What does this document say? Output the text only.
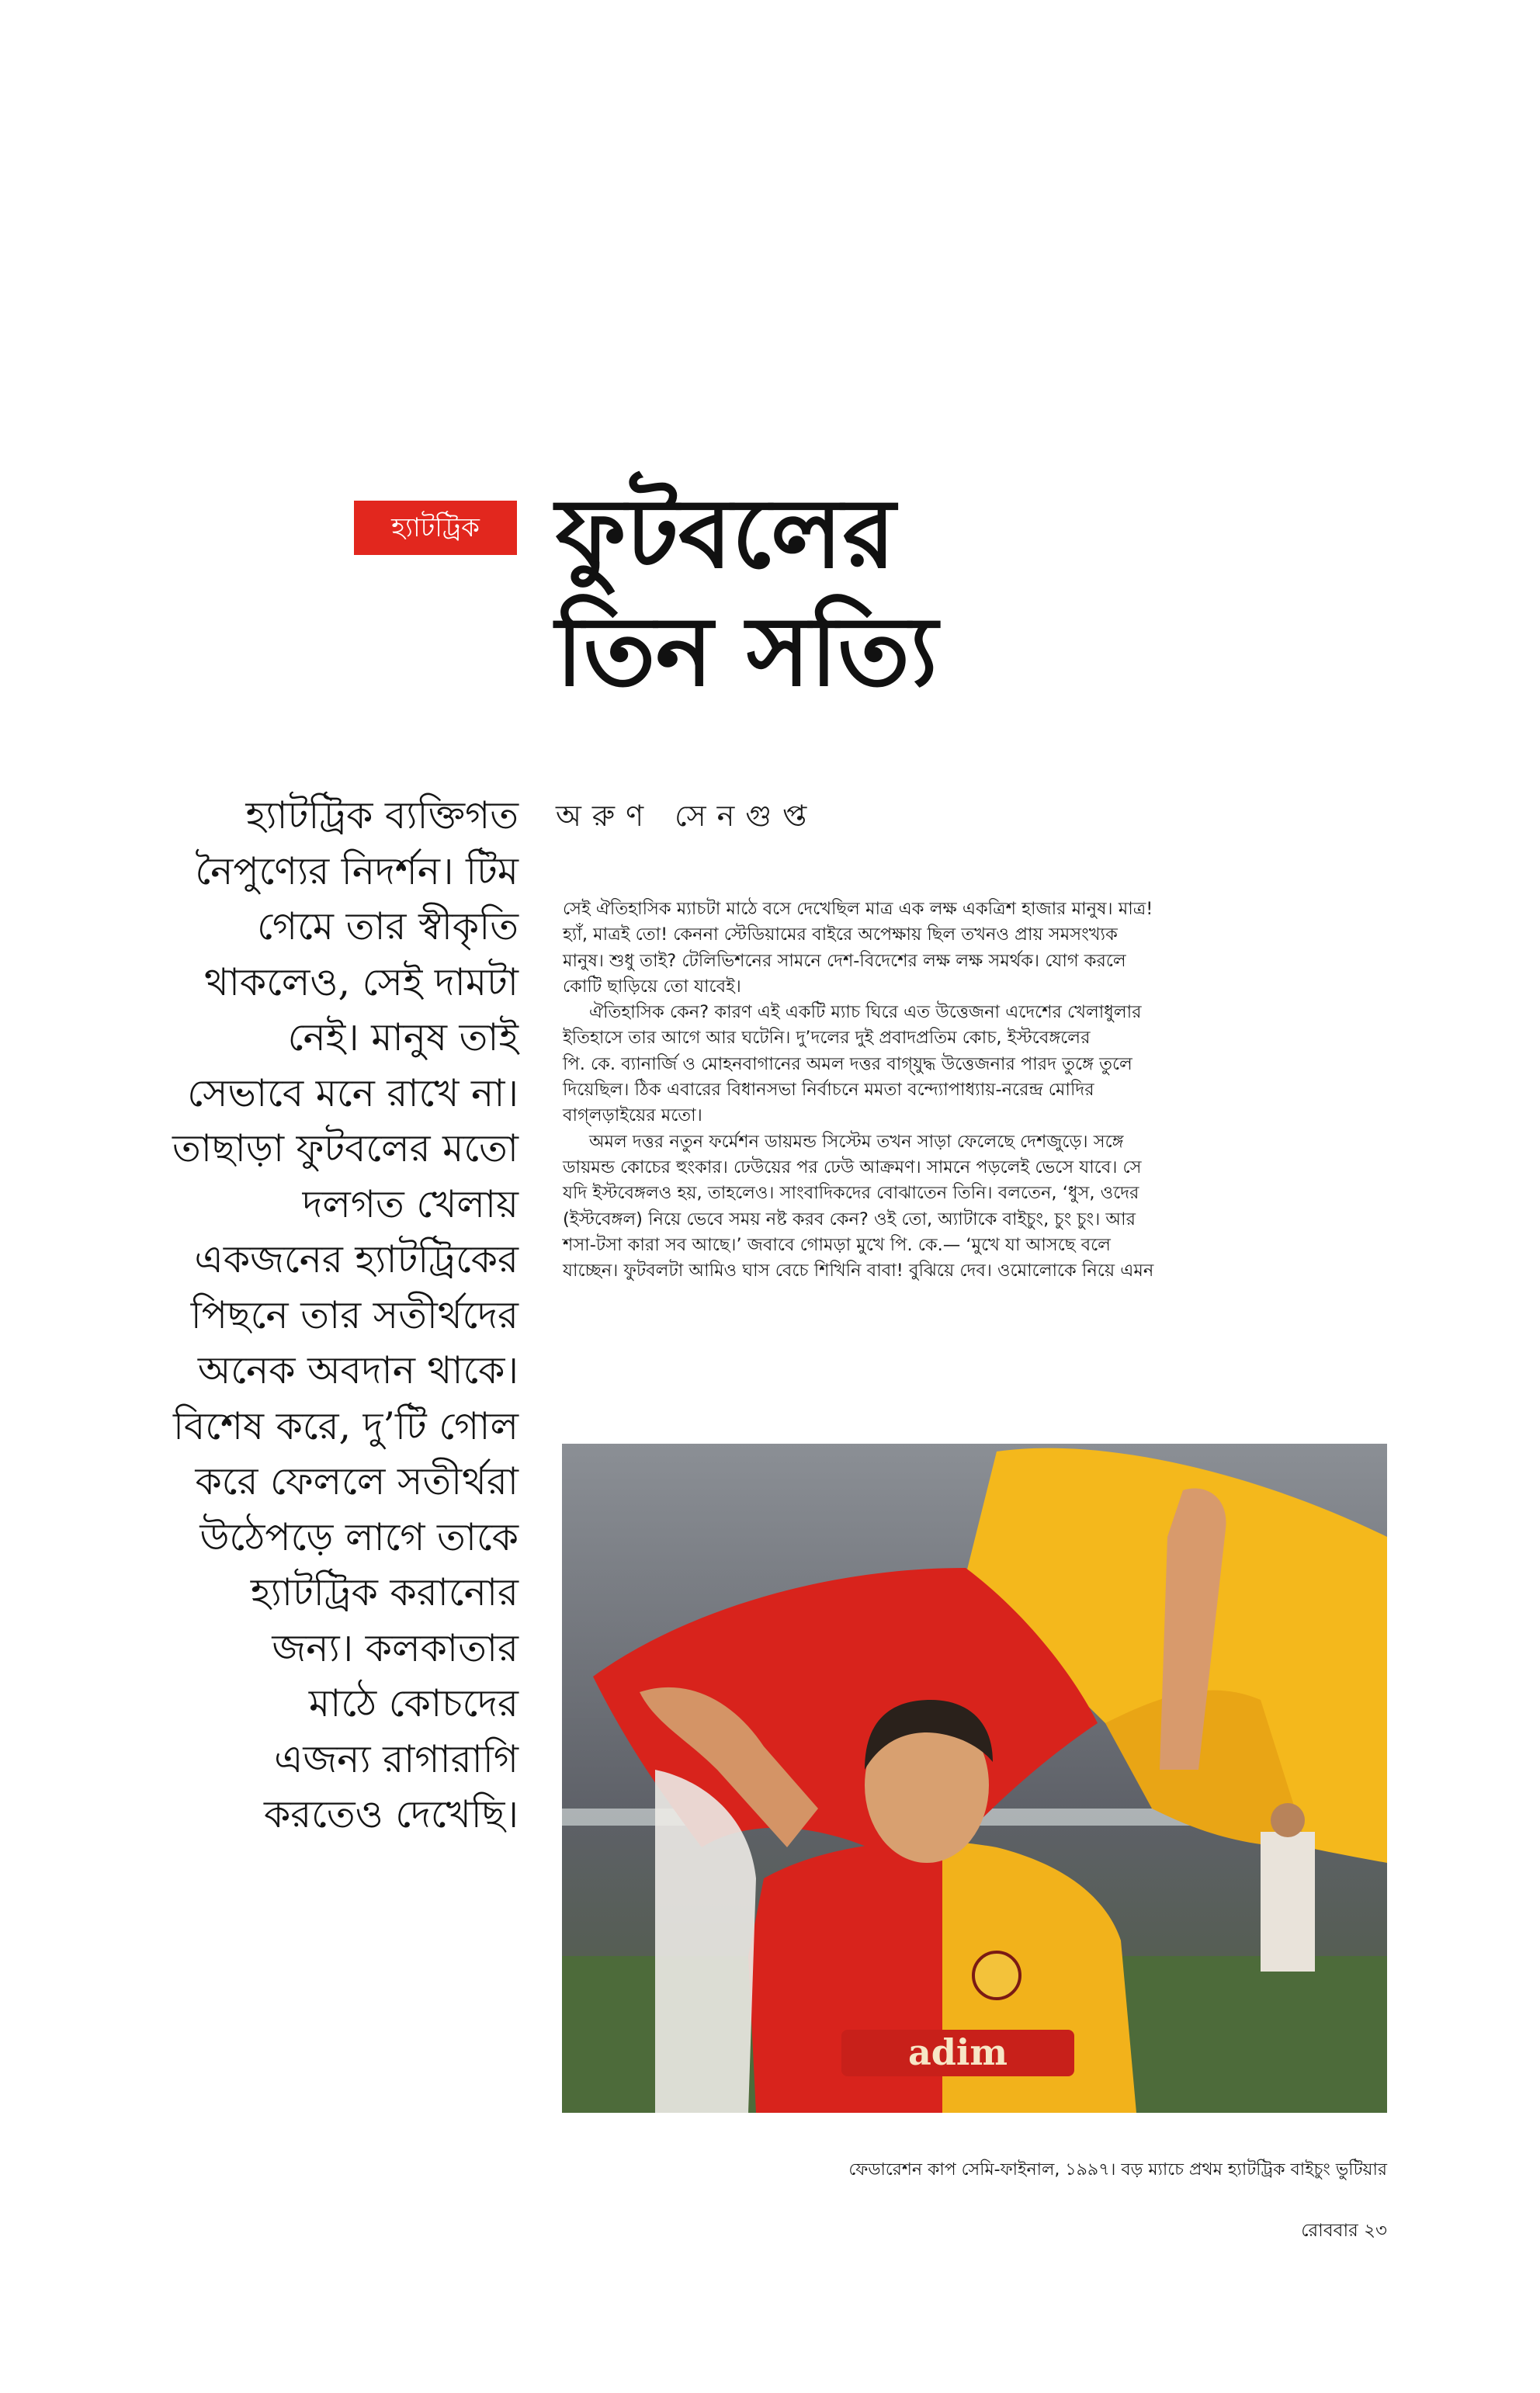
হ্যাটট্রিক ফুটবলের
তিন সত্যি
হ্যাটট্রিক ব্যক্তিগত
নৈপুণ্যের নিদর্শন। টিম
গেমে তার স্বীকৃতি
থাকলেও, সেই দামটা
নেই। মানুষ তাই
সেভাবে মনে রাখে না।
তাছাড়া ফুটবলের মতো
দলগত খেলায়
একজনের হ্যাটট্রিকের
পিছনে তার সতীর্থদের
অনেক অবদান থাকে।
বিশেষ করে, দু’টি গোল
করে ফেললে সতীর্থরা
উঠেপড়ে লাগে তাকে
হ্যাটট্রিক করানোর
জন্য। কলকাতার
মাঠে কোচদের
এজন্য রাগারাগি
করতেও দেখেছি।
অরুণ সেনগুপ্ত
সেই ঐতিহাসিক ম্যাচটা মাঠে বসে দেখেছিল মাত্র এক লক্ষ একত্রিশ হাজার মানুষ। মাত্র!
হ্যাঁ, মাত্রই তো! কেননা স্টেডিয়ামের বাইরে অপেক্ষায় ছিল তখনও প্রায় সমসংখ্যক
মানুষ। শুধু তাই? টেলিভিশনের সামনে দেশ-বিদেশের লক্ষ লক্ষ সমর্থক। যোগ করলে
কোটি ছাড়িয়ে তো যাবেই।
ঐতিহাসিক কেন? কারণ এই একটি ম্যাচ ঘিরে এত উত্তেজনা এদেশের খেলাধুলার
ইতিহাসে তার আগে আর ঘটেনি। দু’দলের দুই প্রবাদপ্রতিম কোচ, ইস্টবেঙ্গলের
পি. কে. ব্যানার্জি ও মোহনবাগানের অমল দত্তর বাগ্‌যুদ্ধ উত্তেজনার পারদ তুঙ্গে তুলে
দিয়েছিল। ঠিক এবারের বিধানসভা নির্বাচনে মমতা বন্দ্যোপাধ্যায়-নরেন্দ্র মোদির
বাগ্‌লড়াইয়ের মতো।
অমল দত্তর নতুন ফর্মেশন ডায়মন্ড সিস্টেম তখন সাড়া ফেলেছে দেশজুড়ে। সঙ্গে
ডায়মন্ড কোচের হুংকার। ঢেউয়ের পর ঢেউ আক্রমণ। সামনে পড়লেই ভেসে যাবে। সে
যদি ইস্টবেঙ্গলও হয়, তাহলেও। সাংবাদিকদের বোঝাতেন তিনি। বলতেন, ‘ধুস, ওদের
(ইস্টবেঙ্গল) নিয়ে ভেবে সময় নষ্ট করব কেন? ওই তো, অ্যাটাকে বাইচুং, চুং চুং। আর
শসা-টসা কারা সব আছে।’ জবাবে গোমড়া মুখে পি. কে.— ‘মুখে যা আসছে বলে
যাচ্ছেন। ফুটবলটা আমিও ঘাস বেচে শিখিনি বাবা! বুঝিয়ে দেব। ওমোলোকে নিয়ে এমন
adim
ফেডারেশন কাপ সেমি-ফাইনাল, ১৯৯৭। বড় ম্যাচে প্রথম হ্যাটট্রিক বাইচুং ভুটিয়ার
রোববার ২৩
